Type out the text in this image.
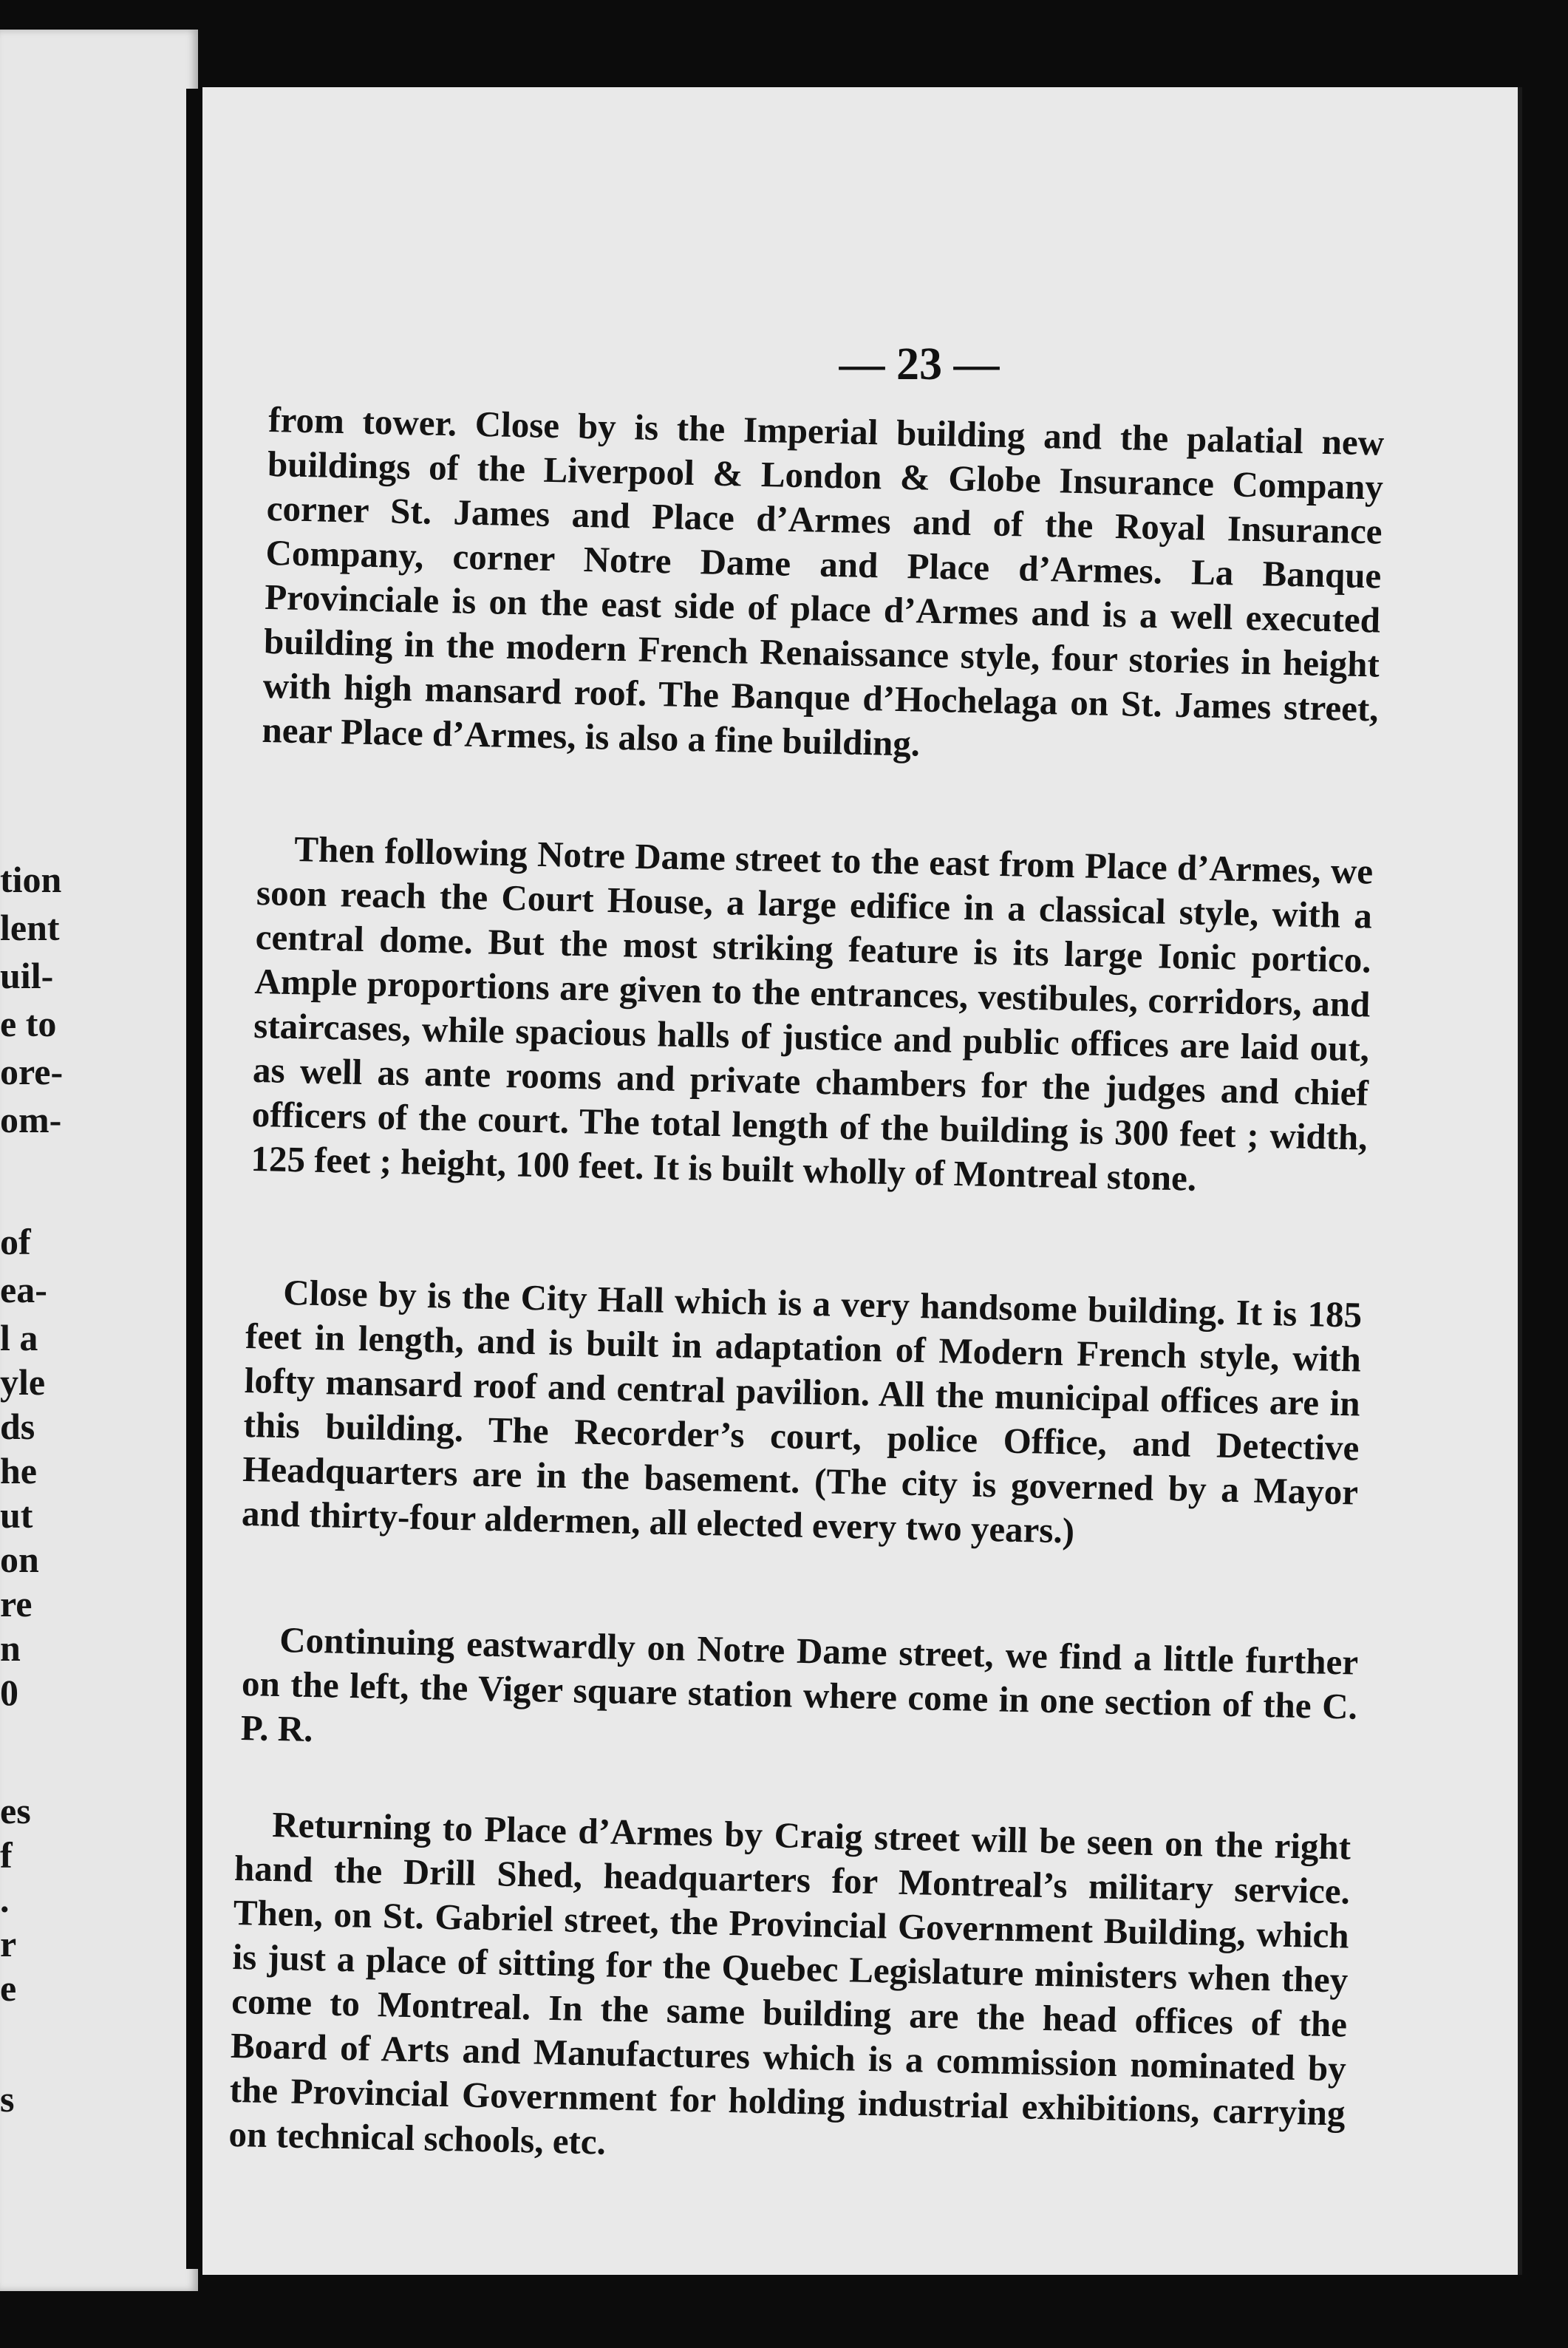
tion
lent
uil-
e to
ore-
om-
of
ea-
l a
yle
ds
he
ut
on
re
n
0
es
f
.
r
e
s
— 23 —

from tower. Close by is the Imperial building and the palatial new buildings of the Liverpool & London & Globe Insurance Company corner St. James and Place d’Armes and of the Royal Insurance Company, corner Notre Dame and Place d’Armes. La Banque Provinciale is on the east side of place d’Armes and is a well executed building in the modern French Renaissance style, four stories in height with high mansard roof. The Banque d’Hochelaga on St. James street, near Place d’Armes, is also a fine building.

Then following Notre Dame street to the east from Place d’Armes, we soon reach the Court House, a large edifice in a classical style, with a central dome. But the most striking feature is its large Ionic portico. Ample proportions are given to the entrances, vestibules, corridors, and staircases, while spacious halls of justice and public offices are laid out, as well as ante rooms and private chambers for the judges and chief officers of the court. The total length of the building is 300 feet ; width, 125 feet ; height, 100 feet. It is built wholly of Montreal stone.

Close by is the City Hall which is a very handsome building. It is 185 feet in length, and is built in adaptation of Modern French style, with lofty mansard roof and central pavilion. All the municipal offices are in this building. The Recorder’s court, police Office, and Detective Headquarters are in the basement. (The city is governed by a Mayor and thirty-four aldermen, all elected every two years.)

Continuing eastwardly on Notre Dame street, we find a little further on the left, the Viger square station where come in one section of the C. P. R.

Returning to Place d’Armes by Craig street will be seen on the right hand the Drill Shed, headquarters for Montreal’s military service. Then, on St. Gabriel street, the Provincial Government Building, which is just a place of sitting for the Quebec Legislature ministers when they come to Montreal. In the same building are the head offices of the Board of Arts and Manufactures which is a commission nominated by the Provincial Government for holding industrial exhibitions, carrying on technical schools, etc.
